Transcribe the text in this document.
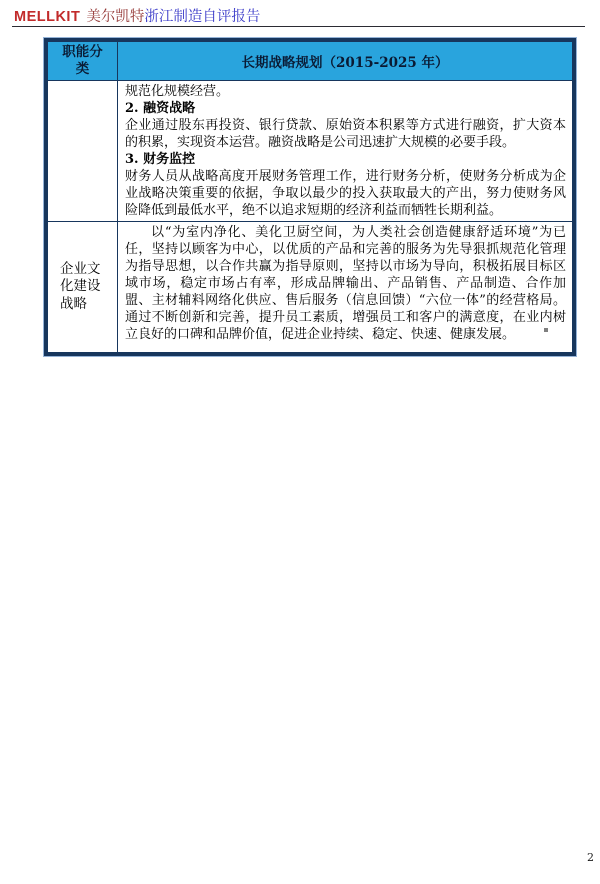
MELLKIT 美尔凯特浙江制造自评报告
职能分类	长期战略规划（2015-2025 年）
规范化规模经营。
2. 融资战略
企业通过股东再投资、银行贷款、原始资本积累等方式进行融资，扩大资本的积累，实现资本运营。融资战略是公司迅速扩大规模的必要手段。
3. 财务监控
财务人员从战略高度开展财务管理工作，进行财务分析，使财务分析成为企业战略决策重要的依据，争取以最少的投入获取最大的产出，努力使财务风险降低到最低水平，绝不以追求短期的经济利益而牺牲长期利益。
企业文化建设战略
以“为室内净化、美化卫厨空间，为人类社会创造健康舒适环境”为已任，坚持以顾客为中心，以优质的产品和完善的服务为先导狠抓规范化管理为指导思想，以合作共赢为指导原则，坚持以市场为导向，积极拓展目标区域市场，稳定市场占有率，形成品牌输出、产品销售、产品制造、合作加盟、主材辅料网络化供应、售后服务（信息回馈）“六位一体”的经营格局。通过不断创新和完善，提升员工素质，增强员工和客户的满意度，在业内树立良好的口碑和品牌价值，促进企业持续、稳定、快速、健康发展。
2
